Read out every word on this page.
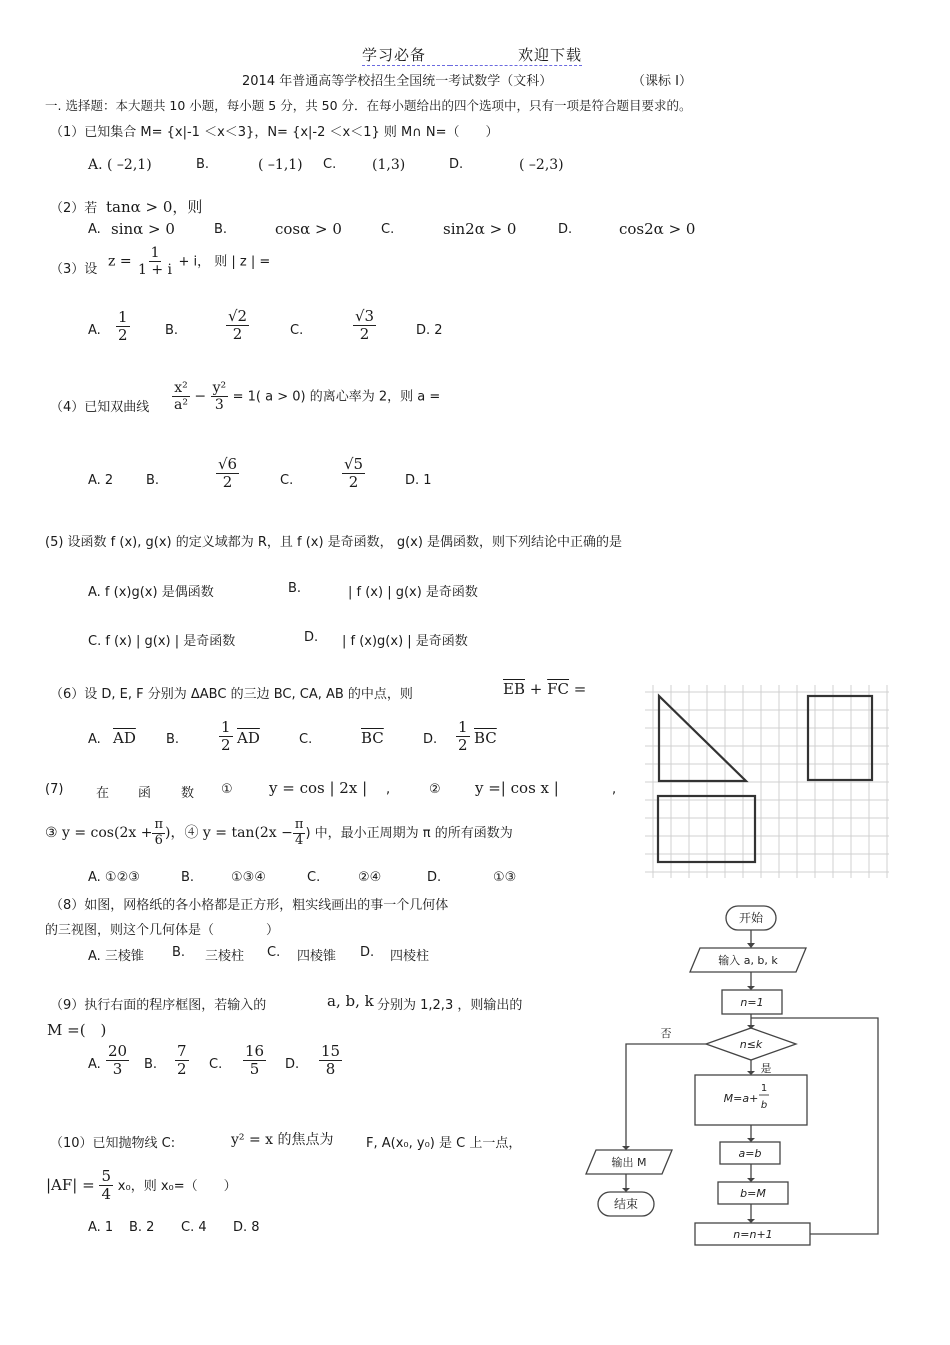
学习必备	欢迎下载
2014 年普通高等学校招生全国统一考试数学（文科）	（课标 Ⅰ）
一. 选择题：本大题共 10 小题，每小题 5 分，共 50 分．在每小题给出的四个选项中，只有一项是符合题目要求的。
（1）已知集合 M= {x|-1 ＜x＜3}，N= {x|-2 ＜x＜1} 则 M∩ N=（　　）
A. ( –2,1)	B.	( –1,1) C.	(1,3)	D.	( –2,3)
（2）若 tanα > 0，则
A. sinα > 0	B.	cosα > 0	C.	sin2α > 0	D.	cos2α > 0
（3）设 $z = \frac{1}{1 + i} + i$， 则 | z | =
A. $\frac{1}{2}$	B.	$\frac{√2}{2}$	C.	$\frac{√3}{2}$	D. 2
（4）已知双曲线 $\frac{\text{x²}}{\text{a²}} - \frac{\text{y²}}{3} = 1$( a > 0) 的离心率为 2，则 a =
A. 2	B.	$\frac{√6}{2}$	C.	$\frac{√5}{2}$	D. 1
(5) 设函数 f (x), g(x) 的定义域都为 R，且 f (x) 是奇函数， g(x) 是偶函数，则下列结论中正确的是
A. f (x)g(x) 是偶函数	B.	| f (x) | g(x) 是奇函数
C. f (x) | g(x) | 是奇函数	D. | f (x)g(x) | 是奇函数
（6）设 D, E, F 分别为 ΔABC 的三边 BC, CA, AB 的中点，则	$\overline{EB} + \overline{FC}$ =
A. $\overline{AD}$ B.	$\frac{1}{2} \overline{AD}$	C.	$\overline{BC}$	D. $\frac{1}{2} \overline{BC}$
(7)	在 函 数 ① y = cos | 2x | ,	② y =| cos x |	,
③ $y = \cos(2x + \frac{\pi}{6}$ )，④ $y = \tan(2x - \frac{\pi}{4}$ ) 中，最小正周期为 π 的所有函数为
A. ①②③	B.	①③④	C.	②④	D.	①③
（8）如图，网格纸的各小格都是正方形，粗实线画出的事一个几何体
的三视图，则这个几何体是（　　　　）
A. 三棱锥 B. 三棱柱 C. 四棱锥 D. 四棱柱
（9）执行右面的程序框图，若输入的	a, b, k 分别为 1,2,3 ，则输出的
M =(　)
A. $\frac{20}{3} B$. $\frac{7}{2} C$. $\frac{16}{5} D$. $\frac{15}{8}$
（10）已知抛物线 C:	y² = x 的焦点为	F, A(x₀, y₀) 是 C 上一点，
$|AF| = \frac{5}{4} x_0$，则 x₀=（　　）
A. 1 B. 2 C. 4 D. 8
开始
输入 a, b, k
n=1
n≤k
是
否
M=a+
1
b
a=b
b=M
n=n+1
输出 M
结束
